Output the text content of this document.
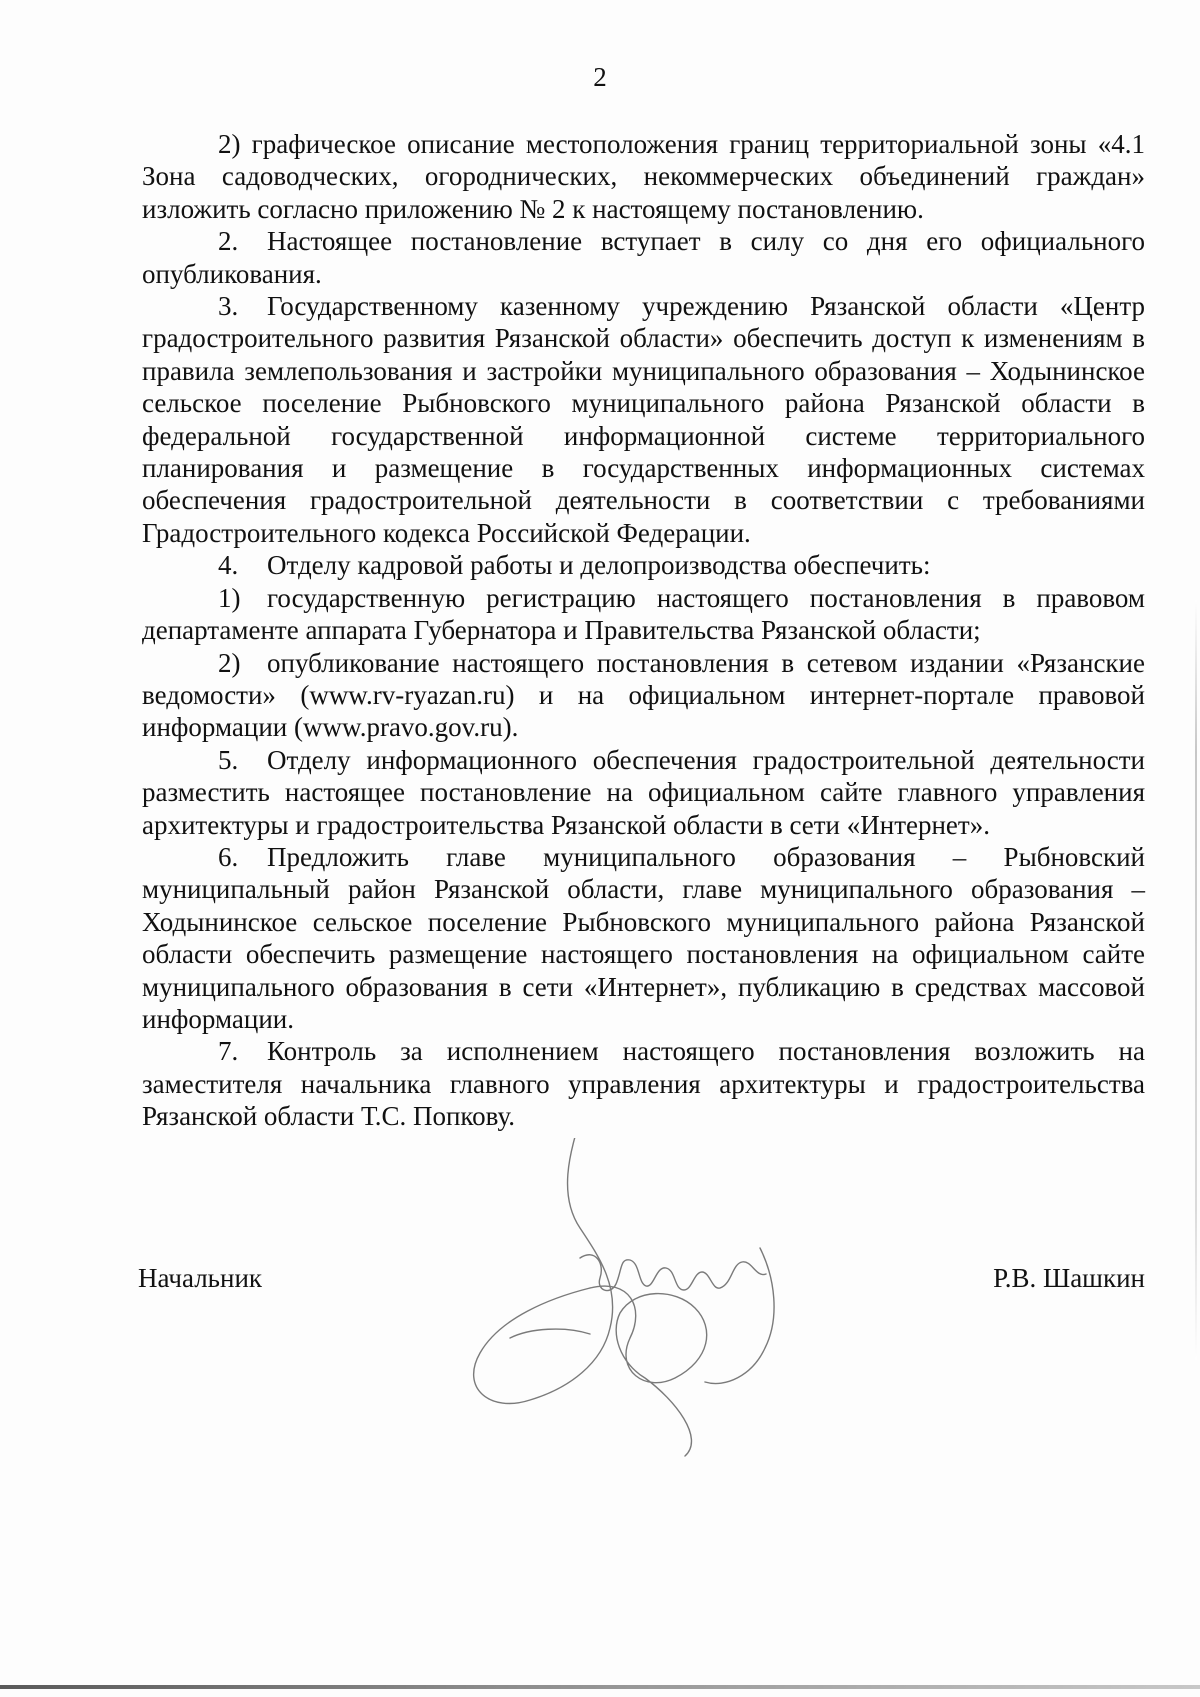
2

2) графическое описание местоположения границ территориальной зоны «4.1 Зона садоводческих, огороднических, некоммерческих объединений граждан» изложить согласно приложению № 2 к настоящему постановлению.

2. Настоящее постановление вступает в силу со дня его официального опубликования.

3. Государственному казенному учреждению Рязанской области «Центр градостроительного развития Рязанской области» обеспечить доступ к изменениям в правила землепользования и застройки муниципального образования – Ходынинское сельское поселение Рыбновского муниципального района Рязанской области в федеральной государственной информационной системе территориального планирования и размещение в государственных информационных системах обеспечения градостроительной деятельности в соответствии с требованиями Градостроительного кодекса Российской Федерации.

4. Отделу кадровой работы и делопроизводства обеспечить:

1) государственную регистрацию настоящего постановления в правовом департаменте аппарата Губернатора и Правительства Рязанской области;

2) опубликование настоящего постановления в сетевом издании «Рязанские ведомости» (www.rv-ryazan.ru) и на официальном интернет-портале правовой информации (www.pravo.gov.ru).

5. Отделу информационного обеспечения градостроительной деятельности разместить настоящее постановление на официальном сайте главного управления архитектуры и градостроительства Рязанской области в сети «Интернет».

6. Предложить главе муниципального образования – Рыбновский муниципальный район Рязанской области, главе муниципального образования – Ходынинское сельское поселение Рыбновского муниципального района Рязанской области обеспечить размещение настоящего постановления на официальном сайте муниципального образования в сети «Интернет», публикацию в средствах массовой информации.

7. Контроль за исполнением настоящего постановления возложить на заместителя начальника главного управления архитектуры и градостроительства Рязанской области Т.С. Попкову.

Начальник	Р.В. Шашкин
